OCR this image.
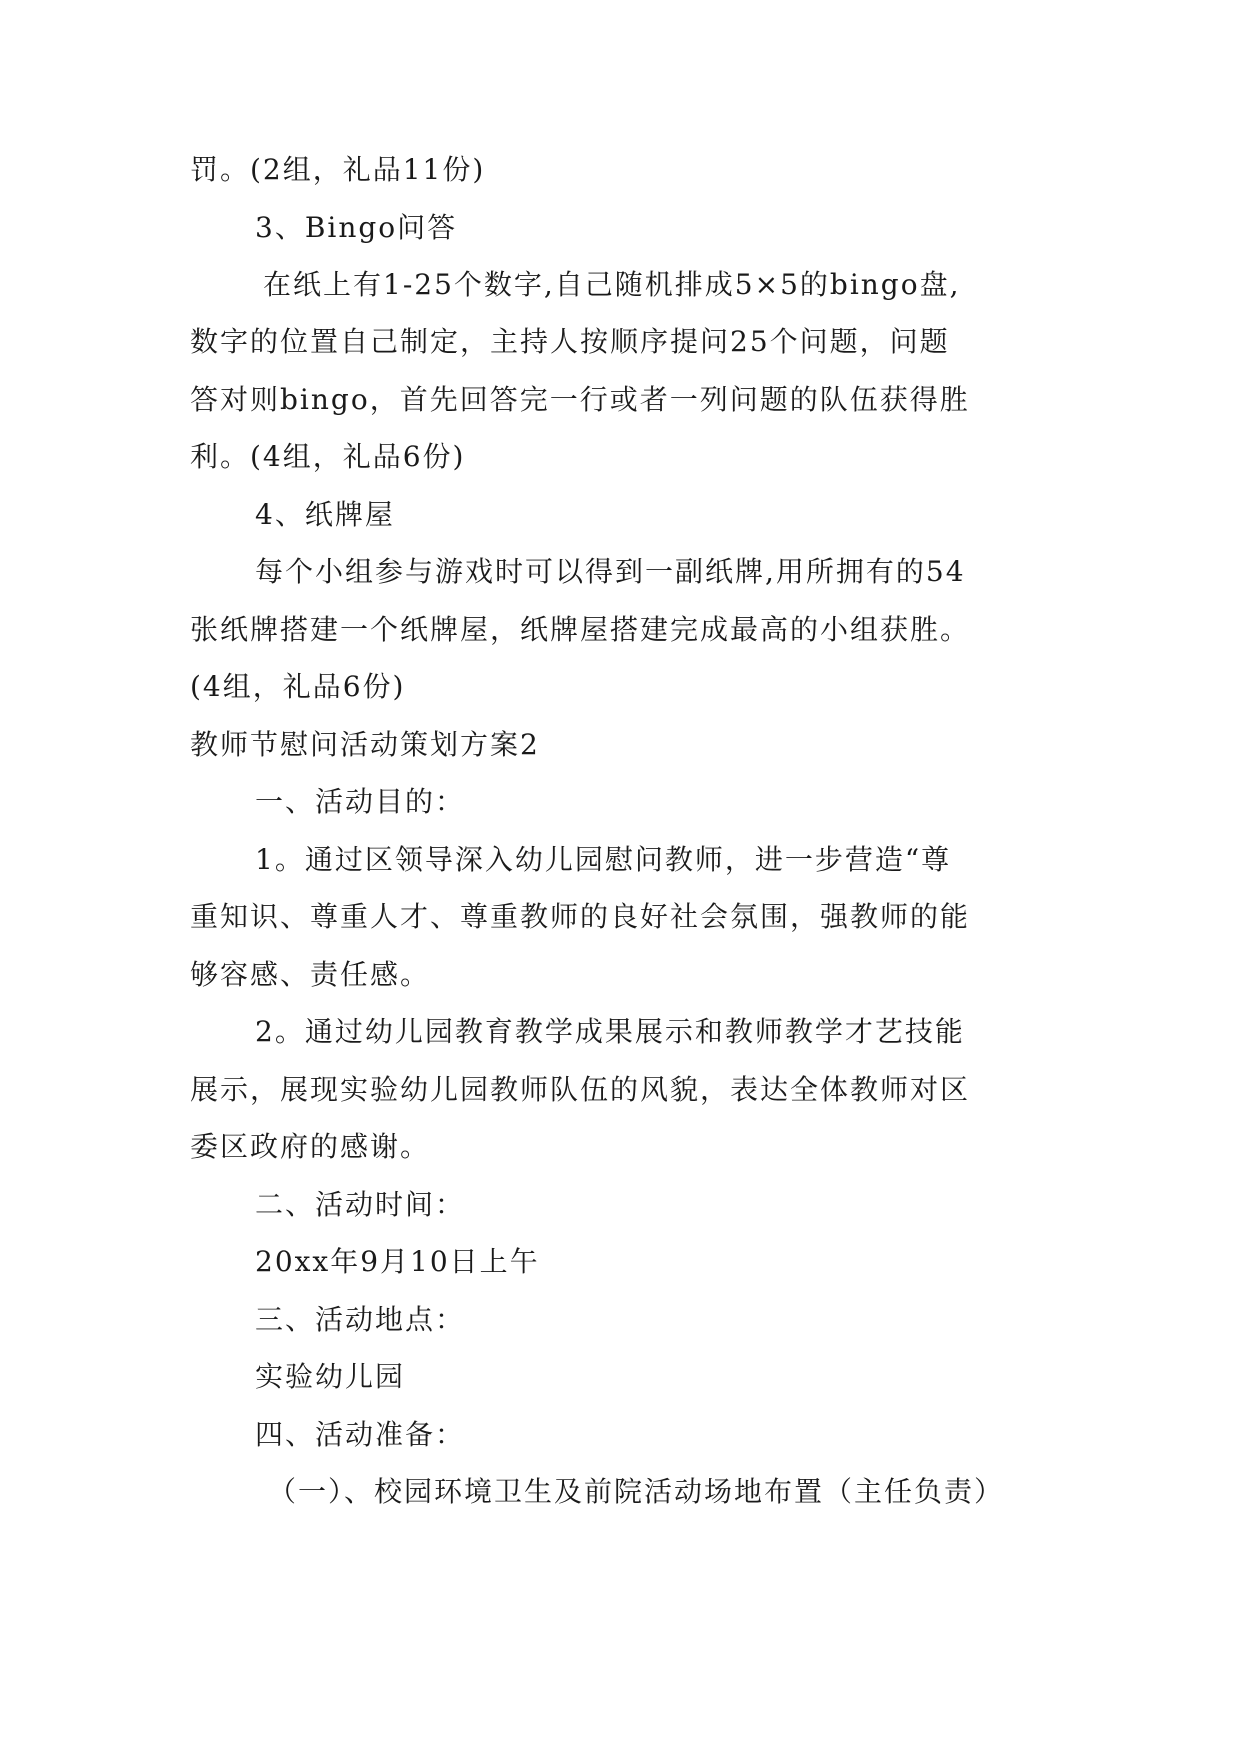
罚。(2组，礼品11份)
3、Bingo问答
在纸上有1-25个数字,自己随机排成5×5的bingo盘,
数字的位置自己制定，主持人按顺序提问25个问题，问题
答对则bingo，首先回答完一行或者一列问题的队伍获得胜
利。(4组，礼品6份)
4、纸牌屋
每个小组参与游戏时可以得到一副纸牌,用所拥有的54
张纸牌搭建一个纸牌屋，纸牌屋搭建完成最高的小组获胜。
(4组，礼品6份)
教师节慰问活动策划方案2
一、活动目的：
1。通过区领导深入幼儿园慰问教师，进一步营造“尊
重知识、尊重人才、尊重教师的良好社会氛围，强教师的能
够容感、责任感。
2。通过幼儿园教育教学成果展示和教师教学才艺技能
展示，展现实验幼儿园教师队伍的风貌，表达全体教师对区
委区政府的感谢。
二、活动时间：
20xx年9月10日上午
三、活动地点：
实验幼儿园
四、活动准备：
（一）、校园环境卫生及前院活动场地布置（主任负责）
